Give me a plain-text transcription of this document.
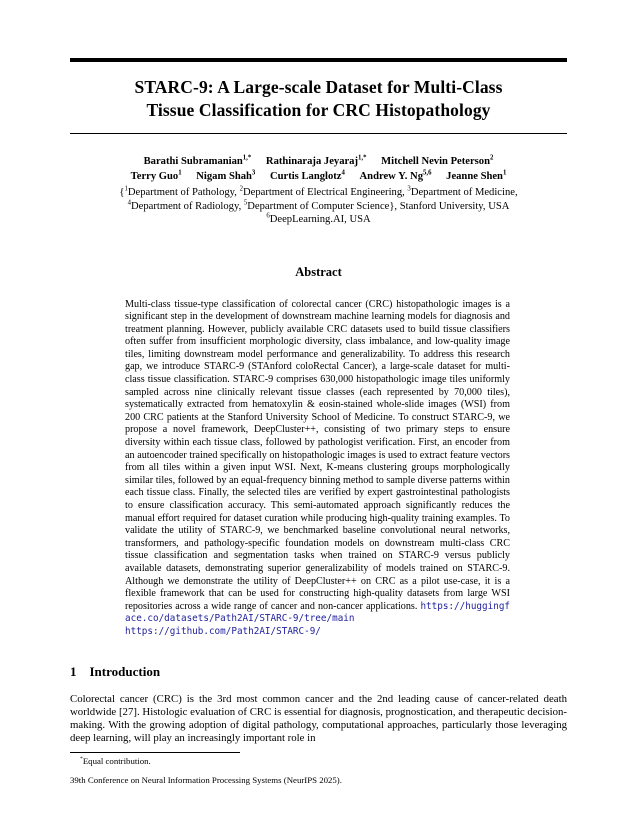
STARC-9: A Large-scale Dataset for Multi-Class
Tissue Classification for CRC Histopathology
Barathi Subramanian$^{1,*}$ Rathinaraja Jeyaraj$^{1,*}$ Mitchell Nevin Peterson$^2$
Terry Guo$^1$ Nigam Shah$^3$ Curtis Langlotz$^4$ Andrew Y. Ng$^{5,6}$ Jeanne Shen$^1$
{$^1$Department of Pathology, $^2$Department of Electrical Engineering, $^3$Department of Medicine,
$^4$Department of Radiology, $^5$Department of Computer Science}, Stanford University, USA
$^6$DeepLearning.AI, USA
Abstract
Multi-class tissue-type classification of colorectal cancer (CRC) histopathologic images is a significant step in the development of downstream machine learning models for diagnosis and treatment planning. However, publicly available CRC datasets used to build tissue classifiers often suffer from insufficient morphologic diversity, class imbalance, and low-quality image tiles, limiting downstream model performance and generalizability. To address this research gap, we introduce STARC-9 (STAnford coloRectal Cancer), a large-scale dataset for multi-class tissue classification. STARC-9 comprises 630,000 histopathologic image tiles uniformly sampled across nine clinically relevant tissue classes (each represented by 70,000 tiles), systematically extracted from hematoxylin & eosin-stained whole-slide images (WSI) from 200 CRC patients at the Stanford University School of Medicine. To construct STARC-9, we propose a novel framework, DeepCluster++, consisting of two primary steps to ensure diversity within each tissue class, followed by pathologist verification. First, an encoder from an autoencoder trained specifically on histopathologic images is used to extract feature vectors from all tiles within a given input WSI. Next, K-means clustering groups morphologically similar tiles, followed by an equal-frequency binning method to sample diverse patterns within each tissue class. Finally, the selected tiles are verified by expert gastrointestinal pathologists to ensure classification accuracy. This semi-automated approach significantly reduces the manual effort required for dataset curation while producing high-quality training examples. To validate the utility of STARC-9, we benchmarked baseline convolutional neural networks, transformers, and pathology-specific foundation models on downstream multi-class CRC tissue classification and segmentation tasks when trained on STARC-9 versus publicly available datasets, demonstrating superior generalizability of models trained on STARC-9. Although we demonstrate the utility of DeepCluster++ on CRC as a pilot use-case, it is a flexible framework that can be used for constructing high-quality datasets from large WSI repositories across a wide range of cancer and non-cancer applications. https://huggingface.co/datasets/Path2AI/STARC-9/tree/main
https://github.com/Path2AI/STARC-9/
1 Introduction
Colorectal cancer (CRC) is the 3rd most common cancer and the 2nd leading cause of cancer-related death worldwide [27]. Histologic evaluation of CRC is essential for diagnosis, prognostication, and therapeutic decision-making. With the growing adoption of digital pathology, computational approaches, particularly those leveraging deep learning, will play an increasingly important role in
*Equal contribution.
39th Conference on Neural Information Processing Systems (NeurIPS 2025).
